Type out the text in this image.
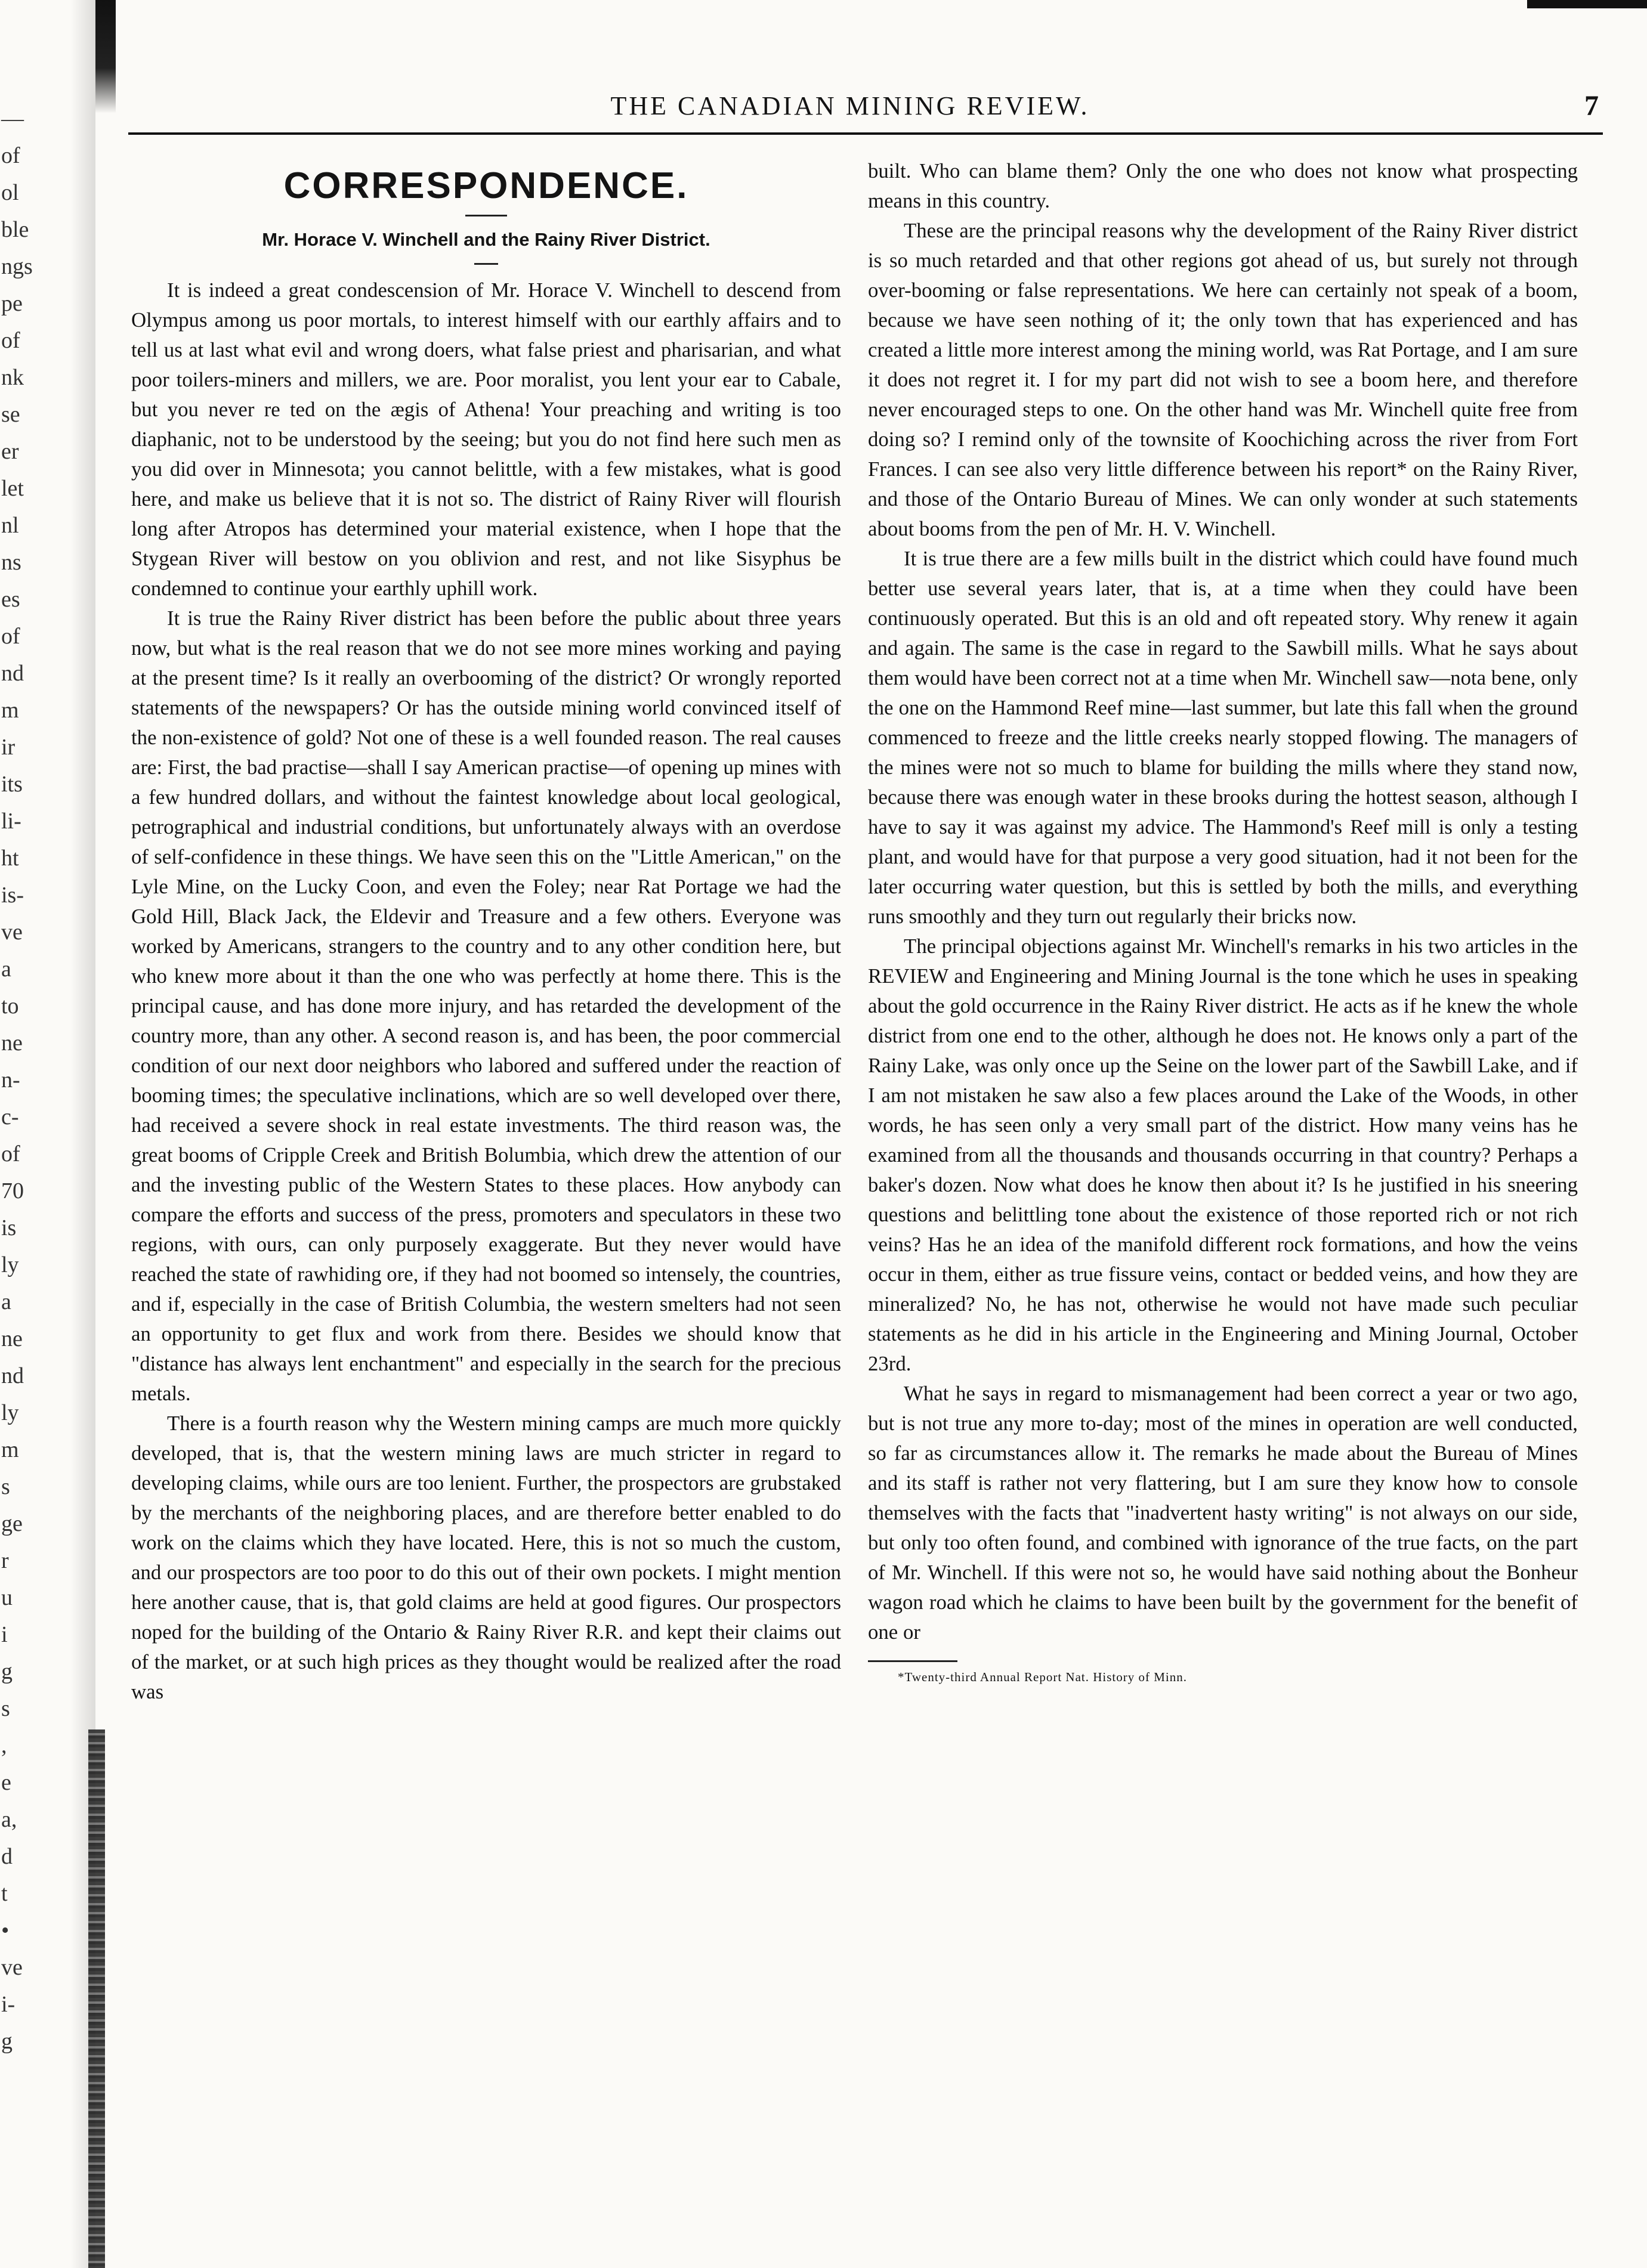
—
of
ol
ble
ngs
pe
of
nk
se
er
let
nl
ns
es
of
nd
m
ir
its
li-
ht
is-
ve
a
to
ne
n-
c-
of
70
is
ly
a
ne
nd
ly
m
s
ge
r
u
i
g
s
,
e
a,
d
t
•
ve
i-
g
THE CANADIAN MINING REVIEW.	7
CORRESPONDENCE.
Mr. Horace V. Winchell and the Rainy River District.

It is indeed a great condescension of Mr. Horace V. Winchell to descend from Olympus among us poor mortals, to interest himself with our earthly affairs and to tell us at last what evil and wrong doers, what false priest and pharisarian, and what poor toilers-miners and millers, we are. Poor moralist, you lent your ear to Cabale, but you never re ted on the ægis of Athena! Your preaching and writing is too diaphanic, not to be understood by the seeing; but you do not find here such men as you did over in Minnesota; you cannot belittle, with a few mistakes, what is good here, and make us believe that it is not so. The district of Rainy River will flourish long after Atropos has determined your material existence, when I hope that the Stygean River will bestow on you oblivion and rest, and not like Sisyphus be condemned to continue your earthly uphill work.

It is true the Rainy River district has been before the public about three years now, but what is the real reason that we do not see more mines working and paying at the present time? Is it really an overbooming of the district? Or wrongly reported statements of the newspapers? Or has the outside mining world convinced itself of the non-existence of gold? Not one of these is a well founded reason. The real causes are: First, the bad practise—shall I say American practise—of opening up mines with a few hundred dollars, and without the faintest knowledge about local geological, petrographical and industrial conditions, but unfortunately always with an overdose of self-confidence in these things. We have seen this on the "Little American," on the Lyle Mine, on the Lucky Coon, and even the Foley; near Rat Portage we had the Gold Hill, Black Jack, the Eldevir and Treasure and a few others. Everyone was worked by Americans, strangers to the country and to any other condition here, but who knew more about it than the one who was perfectly at home there. This is the principal cause, and has done more injury, and has retarded the development of the country more, than any other. A second reason is, and has been, the poor commercial condition of our next door neighbors who labored and suffered under the reaction of booming times; the speculative inclinations, which are so well developed over there, had received a severe shock in real estate investments. The third reason was, the great booms of Cripple Creek and British Bolumbia, which drew the attention of our and the investing public of the Western States to these places. How anybody can compare the efforts and success of the press, promoters and speculators in these two regions, with ours, can only purposely exaggerate. But they never would have reached the state of rawhiding ore, if they had not boomed so intensely, the countries, and if, especially in the case of British Columbia, the western smelters had not seen an opportunity to get flux and work from there. Besides we should know that "distance has always lent enchantment" and especially in the search for the precious metals.

There is a fourth reason why the Western mining camps are much more quickly developed, that is, that the western mining laws are much stricter in regard to developing claims, while ours are too lenient. Further, the prospectors are grubstaked by the merchants of the neighboring places, and are therefore better enabled to do work on the claims which they have located. Here, this is not so much the custom, and our prospectors are too poor to do this out of their own pockets. I might mention here another cause, that is, that gold claims are held at good figures. Our prospectors noped for the building of the Ontario & Rainy River R.R. and kept their claims out of the market, or at such high prices as they thought would be realized after the road was

built. Who can blame them? Only the one who does not know what prospecting means in this country.

These are the principal reasons why the development of the Rainy River district is so much retarded and that other regions got ahead of us, but surely not through over-booming or false representations. We here can certainly not speak of a boom, because we have seen nothing of it; the only town that has experienced and has created a little more interest among the mining world, was Rat Portage, and I am sure it does not regret it. I for my part did not wish to see a boom here, and therefore never encouraged steps to one. On the other hand was Mr. Winchell quite free from doing so? I remind only of the townsite of Koochiching across the river from Fort Frances. I can see also very little difference between his report* on the Rainy River, and those of the Ontario Bureau of Mines. We can only wonder at such statements about booms from the pen of Mr. H. V. Winchell.

It is true there are a few mills built in the district which could have found much better use several years later, that is, at a time when they could have been continuously operated. But this is an old and oft repeated story. Why renew it again and again. The same is the case in regard to the Sawbill mills. What he says about them would have been correct not at a time when Mr. Winchell saw—nota bene, only the one on the Hammond Reef mine—last summer, but late this fall when the ground commenced to freeze and the little creeks nearly stopped flowing. The managers of the mines were not so much to blame for building the mills where they stand now, because there was enough water in these brooks during the hottest season, although I have to say it was against my advice. The Hammond's Reef mill is only a testing plant, and would have for that purpose a very good situation, had it not been for the later occurring water question, but this is settled by both the mills, and everything runs smoothly and they turn out regularly their bricks now.

The principal objections against Mr. Winchell's remarks in his two articles in the REVIEW and Engineering and Mining Journal is the tone which he uses in speaking about the gold occurrence in the Rainy River district. He acts as if he knew the whole district from one end to the other, although he does not. He knows only a part of the Rainy Lake, was only once up the Seine on the lower part of the Sawbill Lake, and if I am not mistaken he saw also a few places around the Lake of the Woods, in other words, he has seen only a very small part of the district. How many veins has he examined from all the thousands and thousands occurring in that country? Perhaps a baker's dozen. Now what does he know then about it? Is he justified in his sneering questions and belittling tone about the existence of those reported rich or not rich veins? Has he an idea of the manifold different rock formations, and how the veins occur in them, either as true fissure veins, contact or bedded veins, and how they are mineralized? No, he has not, otherwise he would not have made such peculiar statements as he did in his article in the Engineering and Mining Journal, October 23rd.

What he says in regard to mismanagement had been correct a year or two ago, but is not true any more to-day; most of the mines in operation are well conducted, so far as circumstances allow it. The remarks he made about the Bureau of Mines and its staff is rather not very flattering, but I am sure they know how to console themselves with the facts that "inadvertent hasty writing" is not always on our side, but only too often found, and combined with ignorance of the true facts, on the part of Mr. Winchell. If this were not so, he would have said nothing about the Bonheur wagon road which he claims to have been built by the government for the benefit of one or

*Twenty-third Annual Report Nat. History of Minn.
